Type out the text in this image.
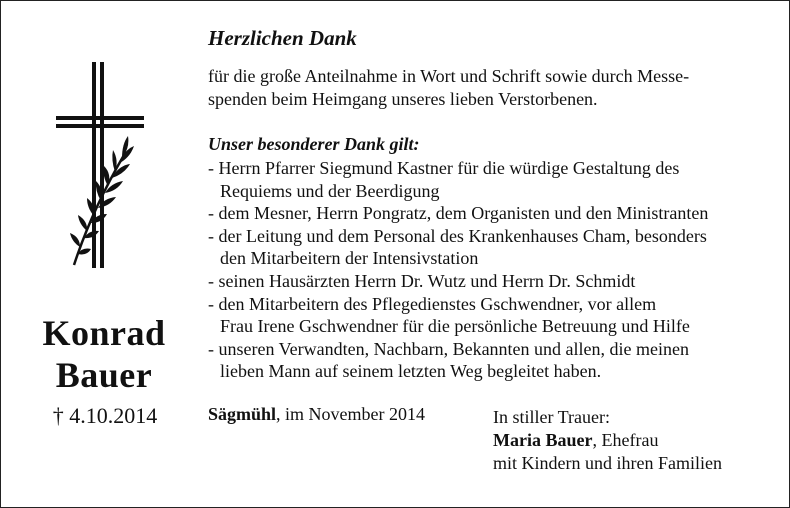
Konrad
Bauer
† 4.10.2014
Herzlichen Dank
für die große Anteilnahme in Wort und Schrift sowie durch Messe-
spenden beim Heimgang unseres lieben Verstorbenen.
Unser besonderer Dank gilt:
- Herrn Pfarrer Siegmund Kastner für die würdige Gestaltung des
Requiems und der Beerdigung
- dem Mesner, Herrn Pongratz, dem Organisten und den Ministranten
- der Leitung und dem Personal des Krankenhauses Cham, besonders
den Mitarbeitern der Intensivstation
- seinen Hausärzten Herrn Dr. Wutz und Herrn Dr. Schmidt
- den Mitarbeitern des Pflegedienstes Gschwendner, vor allem
Frau Irene Gschwendner für die persönliche Betreuung und Hilfe
- unseren Verwandten, Nachbarn, Bekannten und allen, die meinen
lieben Mann auf seinem letzten Weg begleitet haben.
Sägmühl, im November 2014	In stiller Trauer:
Maria Bauer, Ehefrau
mit Kindern und ihren Familien
